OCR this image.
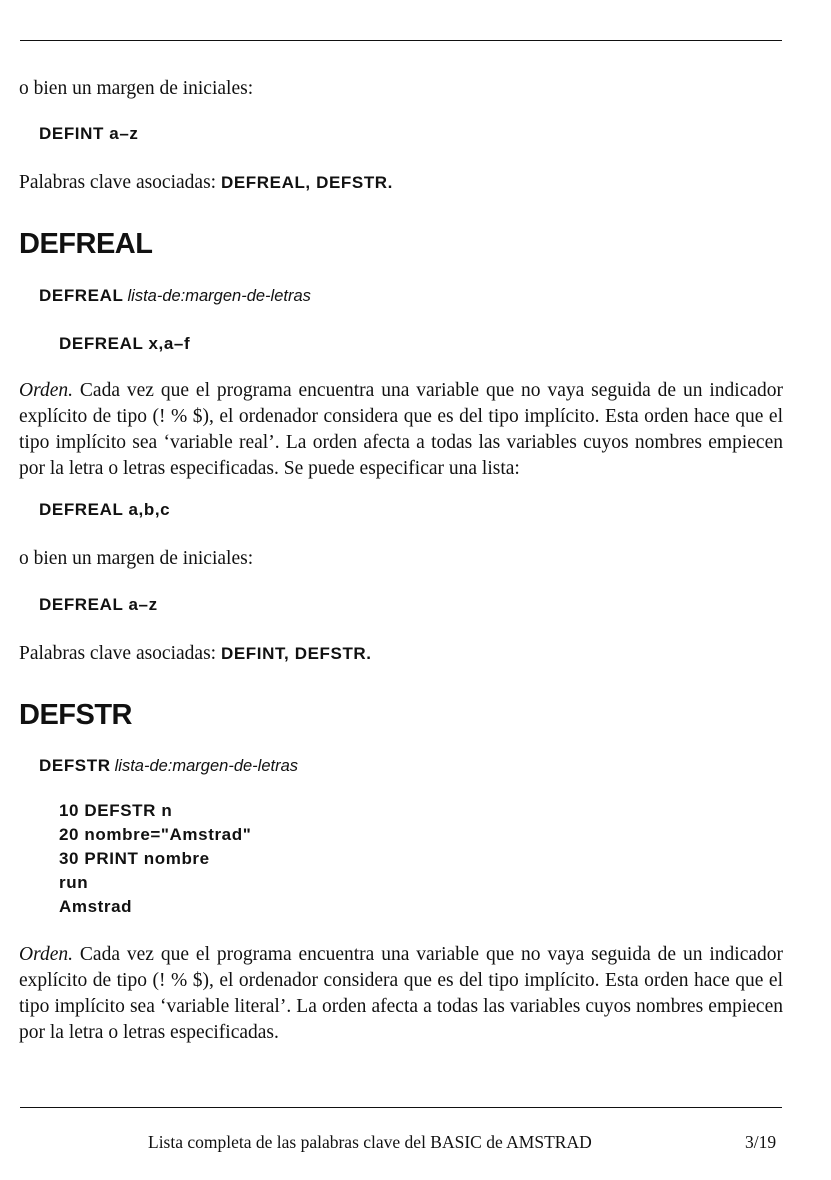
o bien un margen de iniciales:
DEFINT a–z
Palabras clave asociadas: DEFREAL, DEFSTR.
DEFREAL
DEFREAL lista-de:margen-de-letras
DEFREAL x,a–f
Orden. Cada vez que el programa encuentra una variable que no vaya seguida de un indicador explícito de tipo (! % $), el ordenador considera que es del tipo implícito. Esta orden hace que el tipo implícito sea ‘variable real’. La orden afecta a todas las variables cuyos nombres empiecen por la letra o letras especificadas. Se puede especificar una lista:
DEFREAL a,b,c
o bien un margen de iniciales:
DEFREAL a–z
Palabras clave asociadas: DEFINT, DEFSTR.
DEFSTR
DEFSTR lista-de:margen-de-letras
10 DEFSTR n
20 nombre="Amstrad"
30 PRINT nombre
run
Amstrad
Orden. Cada vez que el programa encuentra una variable que no vaya seguida de un indicador explícito de tipo (! % $), el ordenador considera que es del tipo implícito. Esta orden hace que el tipo implícito sea ‘variable literal’. La orden afecta a todas las variables cuyos nombres empiecen por la letra o letras especificadas.
Lista completa de las palabras clave del BASIC de AMSTRAD	3/19
